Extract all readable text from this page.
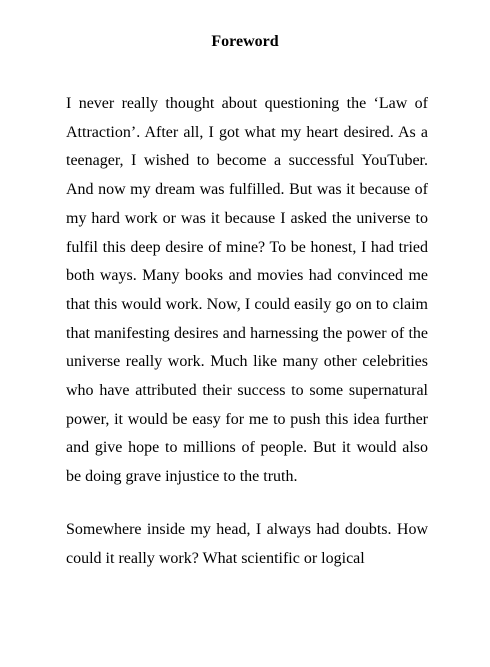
Foreword

I never really thought about questioning the ‘Law of Attraction’. After all, I got what my heart desired. As a teenager, I wished to become a successful YouTuber. And now my dream was fulfilled. But was it because of my hard work or was it because I asked the universe to fulfil this deep desire of mine? To be honest, I had tried both ways. Many books and movies had convinced me that this would work. Now, I could easily go on to claim that manifesting desires and harnessing the power of the universe really work. Much like many other celebrities who have attributed their success to some supernatural power, it would be easy for me to push this idea further and give hope to millions of people. But it would also be doing grave injustice to the truth.

Somewhere inside my head, I always had doubts. How could it really work? What scientific or logical
